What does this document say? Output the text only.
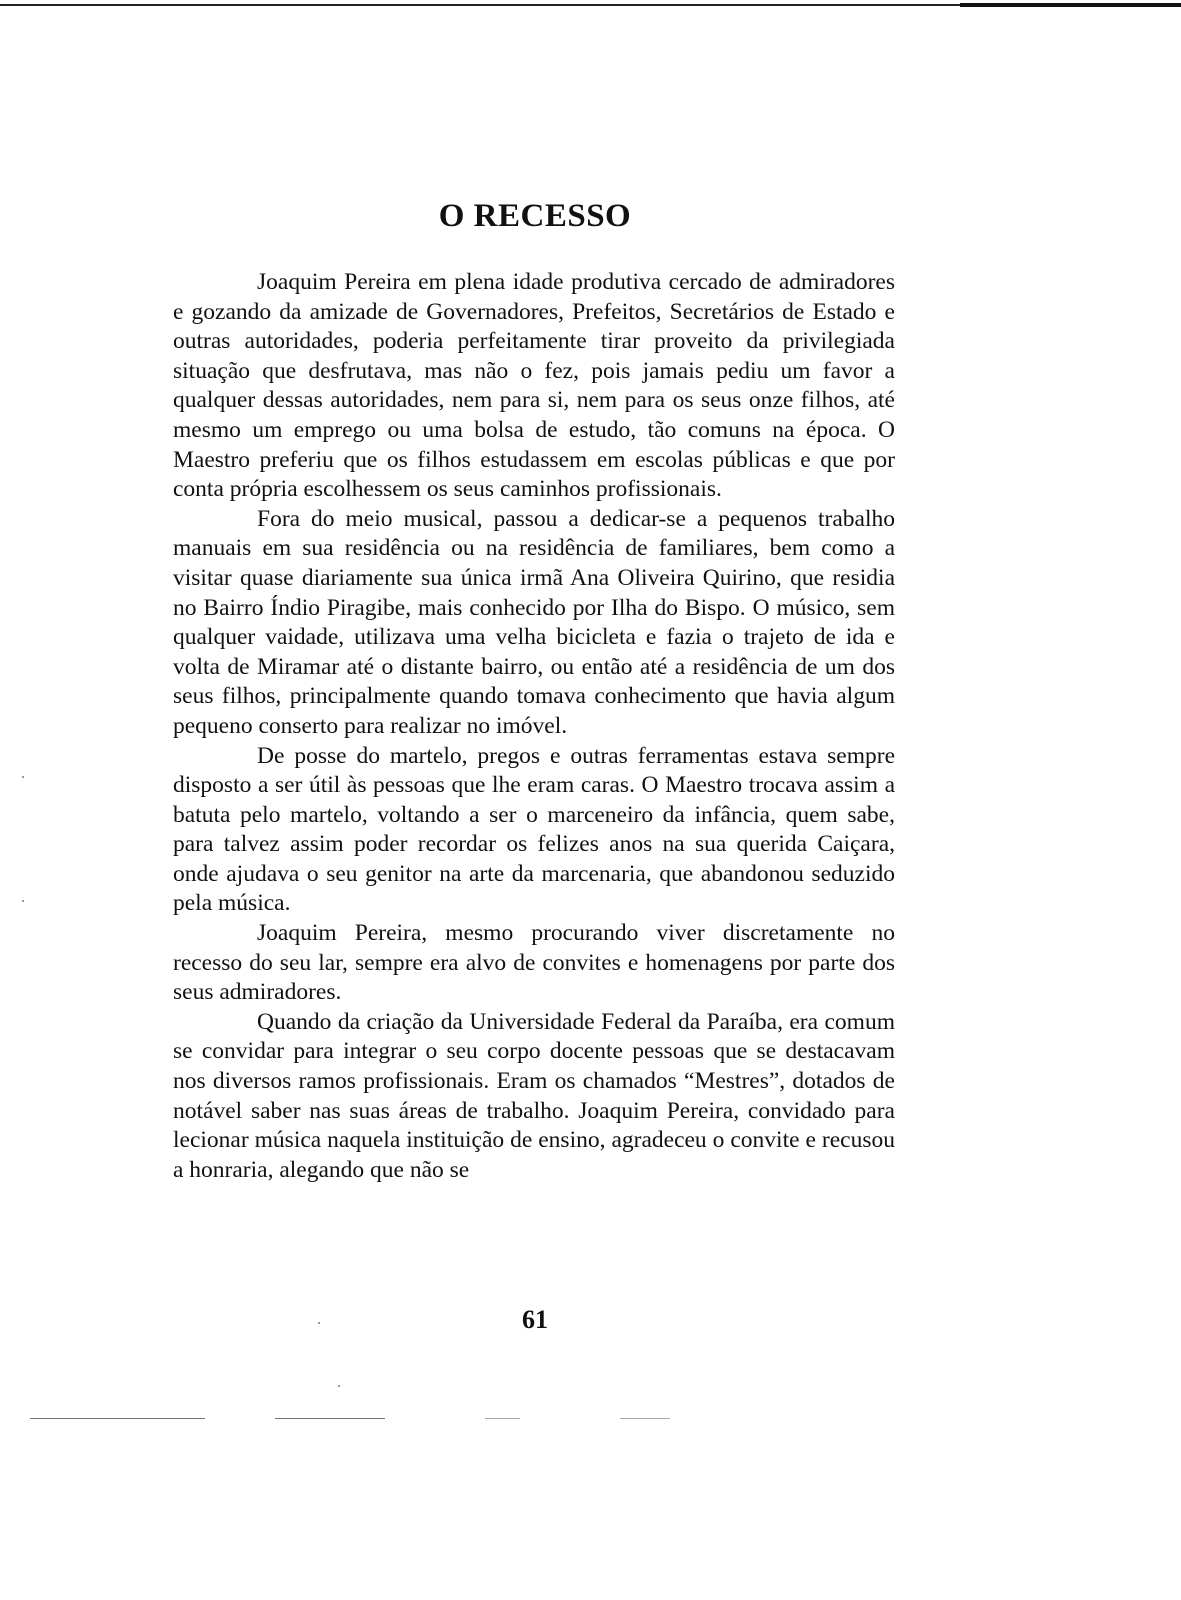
O RECESSO

Joaquim Pereira em plena idade produtiva cercado de admiradores e gozando da amizade de Governadores, Prefeitos, Secretários de Estado e outras autoridades, poderia perfeitamente tirar proveito da privilegiada situação que desfrutava, mas não o fez, pois jamais pediu um favor a qualquer dessas autoridades, nem para si, nem para os seus onze filhos, até mesmo um emprego ou uma bolsa de estudo, tão comuns na época. O Maestro preferiu que os filhos estudassem em escolas públicas e que por conta própria escolhessem os seus caminhos profissionais.

Fora do meio musical, passou a dedicar-se a pequenos trabalho manuais em sua residência ou na residência de familiares, bem como a visitar quase diariamente sua única irmã Ana Oliveira Quirino, que residia no Bairro Índio Piragibe, mais conhecido por Ilha do Bispo. O músico, sem qualquer vaidade, utilizava uma velha bicicleta e fazia o trajeto de ida e volta de Miramar até o distante bairro, ou então até a residência de um dos seus filhos, principalmente quando tomava conhecimento que havia algum pequeno conserto para realizar no imóvel.

De posse do martelo, pregos e outras ferramentas estava sempre disposto a ser útil às pessoas que lhe eram caras. O Maestro trocava assim a batuta pelo martelo, voltando a ser o marceneiro da infância, quem sabe, para talvez assim poder recordar os felizes anos na sua querida Caiçara, onde ajudava o seu genitor na arte da marcenaria, que abandonou seduzido pela música.

Joaquim Pereira, mesmo procurando viver discretamente no recesso do seu lar, sempre era alvo de convites e homenagens por parte dos seus admiradores.

Quando da criação da Universidade Federal da Paraíba, era comum se convidar para integrar o seu corpo docente pessoas que se destacavam nos diversos ramos profissionais. Eram os chamados “Mestres”, dotados de notável saber nas suas áreas de trabalho. Joaquim Pereira, convidado para lecionar música naquela instituição de ensino, agradeceu o convite e recusou a honraria, alegando que não se

61
